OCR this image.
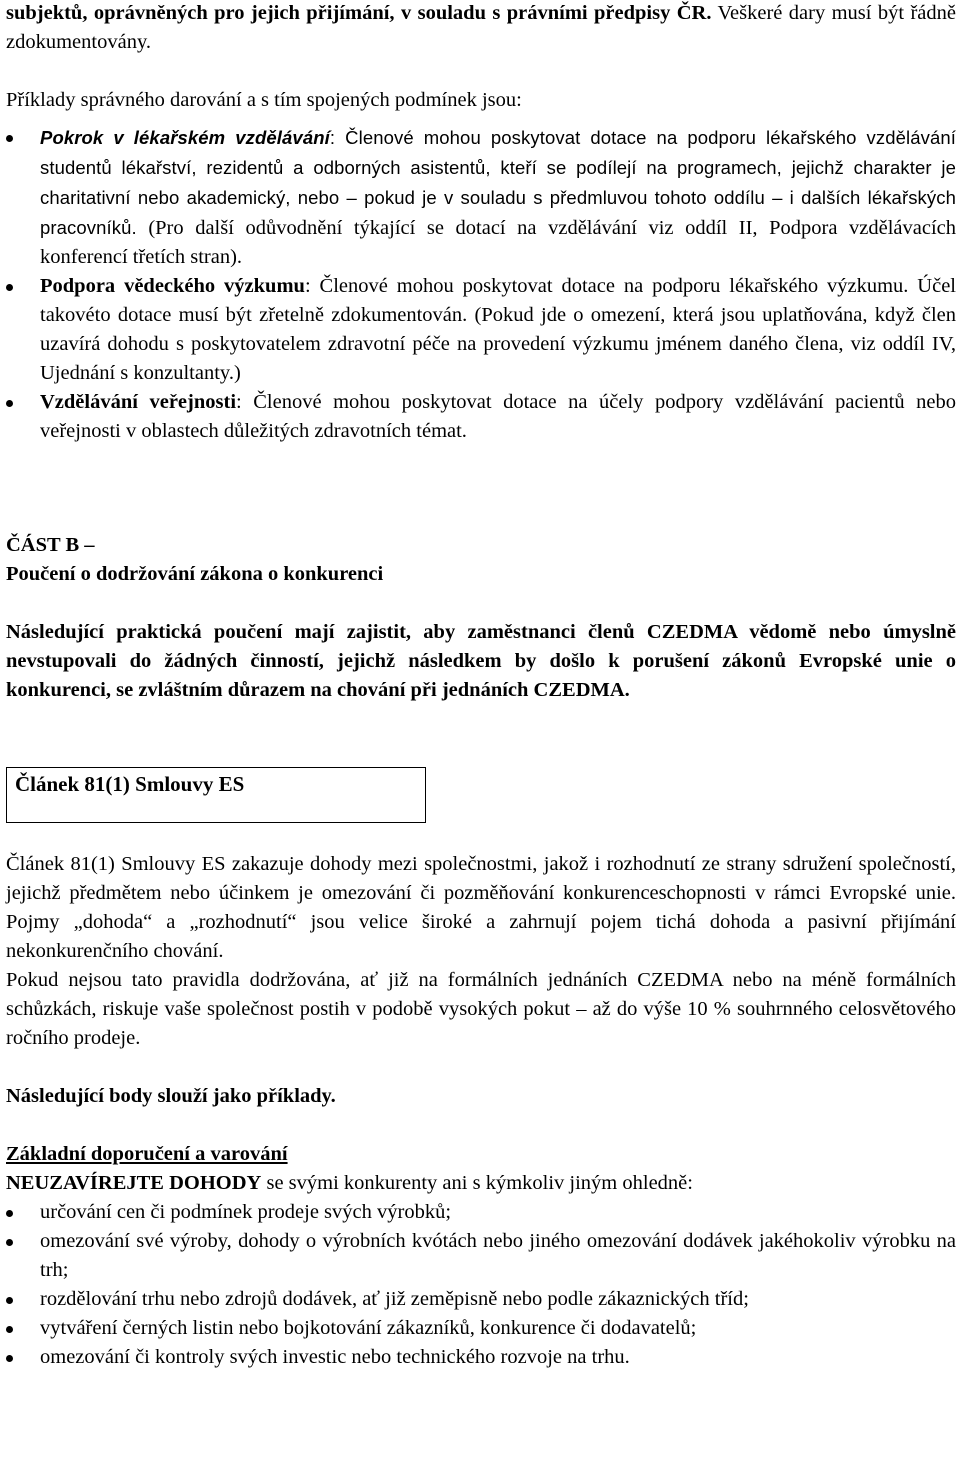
subjektů, oprávněných pro jejich přijímání, v souladu s právními předpisy ČR. Veškeré dary musí být řádně zdokumentovány.

Příklady správného darování a s tím spojených podmínek jsou:

Pokrok v lékařském vzdělávání: Členové mohou poskytovat dotace na podporu lékařského vzdělávání studentů lékařství, rezidentů a odborných asistentů, kteří se podílejí na programech, jejichž charakter je charitativní nebo akademický, nebo – pokud je v souladu s předmluvou tohoto oddílu – i dalších lékařských pracovníků. (Pro další odůvodnění týkající se dotací na vzdělávání viz oddíl II, Podpora vzdělávacích konferencí třetích stran).
Podpora vědeckého výzkumu: Členové mohou poskytovat dotace na podporu lékařského výzkumu. Účel takovéto dotace musí být zřetelně zdokumentován. (Pokud jde o omezení, která jsou uplatňována, když člen uzavírá dohodu s poskytovatelem zdravotní péče na provedení výzkumu jménem daného člena, viz oddíl IV, Ujednání s konzultanty.)
Vzdělávání veřejnosti: Členové mohou poskytovat dotace na účely podpory vzdělávání pacientů nebo veřejnosti v oblastech důležitých zdravotních témat.

ČÁST B –

Poučení o dodržování zákona o konkurenci

Následující praktická poučení mají zajistit, aby zaměstnanci členů CZEDMA vědomě nebo úmyslně nevstupovali do žádných činností, jejichž následkem by došlo k porušení zákonů Evropské unie o konkurenci, se zvláštním důrazem na chování při jednáních CZEDMA.

Článek 81(1) Smlouvy ES

Článek 81(1) Smlouvy ES zakazuje dohody mezi společnostmi, jakož i rozhodnutí ze strany sdružení společností, jejichž předmětem nebo účinkem je omezování či pozměňování konkurenceschopnosti v rámci Evropské unie. Pojmy „dohoda“ a „rozhodnutí“ jsou velice široké a zahrnují pojem tichá dohoda a pasivní přijímání nekonkurenčního chování.

Pokud nejsou tato pravidla dodržována, ať již na formálních jednáních CZEDMA nebo na méně formálních schůzkách, riskuje vaše společnost postih v podobě vysokých pokut – až do výše 10 % souhrnného celosvětového ročního prodeje.

Následující body slouží jako příklady.

Základní doporučení a varování

NEUZAVÍREJTE DOHODY se svými konkurenty ani s kýmkoliv jiným ohledně:

určování cen či podmínek prodeje svých výrobků;
omezování své výroby, dohody o výrobních kvótách nebo jiného omezování dodávek jakéhokoliv výrobku na trh;
rozdělování trhu nebo zdrojů dodávek, ať již zeměpisně nebo podle zákaznických tříd;
vytváření černých listin nebo bojkotování zákazníků, konkurence či dodavatelů;
omezování či kontroly svých investic nebo technického rozvoje na trhu.
